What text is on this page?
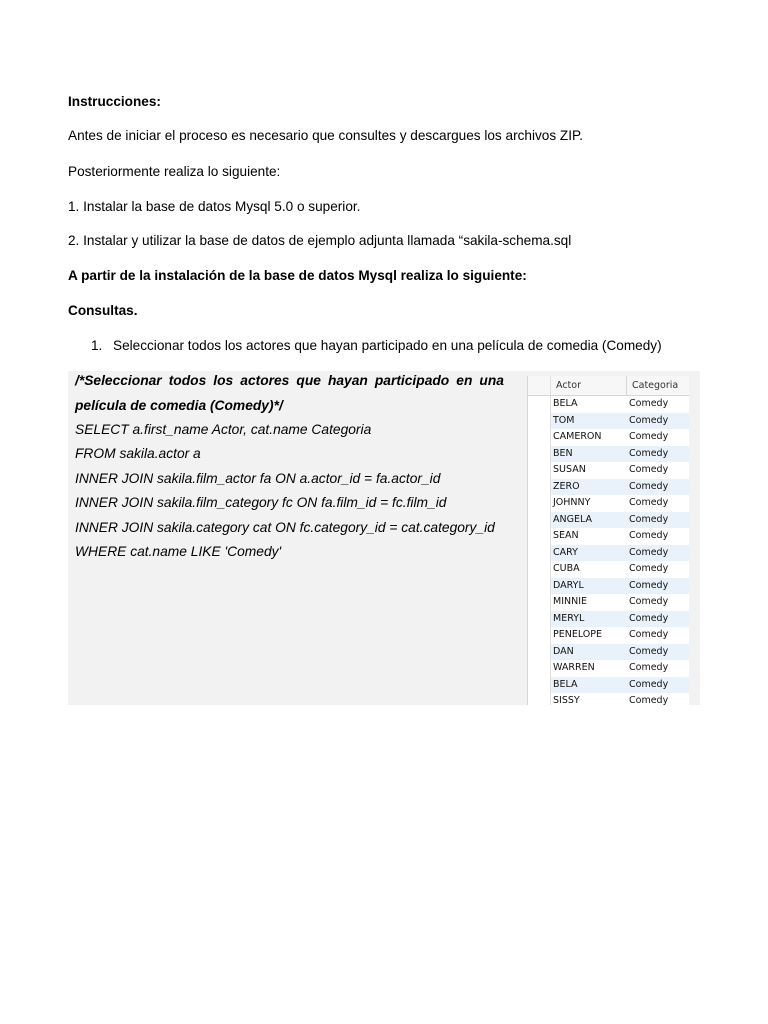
Instrucciones:
Antes de iniciar el proceso es necesario que consultes y descargues los archivos ZIP.
Posteriormente realiza lo siguiente:
1. Instalar la base de datos Mysql 5.0 o superior.
2. Instalar y utilizar la base de datos de ejemplo adjunta llamada “sakila-schema.sql
A partir de la instalación de la base de datos Mysql realiza lo siguiente:
Consultas.
1. Seleccionar todos los actores que hayan participado en una película de comedia (Comedy)
/*Seleccionar todos los actores que hayan participado en una
película de comedia (Comedy)*/
SELECT a.first_name Actor, cat.name Categoria
FROM sakila.actor a
INNER JOIN sakila.film_actor fa ON a.actor_id = fa.actor_id
INNER JOIN sakila.film_category fc ON fa.film_id = fc.film_id
INNER JOIN sakila.category cat ON fc.category_id = cat.category_id
WHERE cat.name LIKE 'Comedy'
Actor	Categoria
BELA	Comedy
TOM	Comedy
CAMERON	Comedy
BEN	Comedy
SUSAN	Comedy
ZERO	Comedy
JOHNNY	Comedy
ANGELA	Comedy
SEAN	Comedy
CARY	Comedy
CUBA	Comedy
DARYL	Comedy
MINNIE	Comedy
MERYL	Comedy
PENELOPE	Comedy
DAN	Comedy
WARREN	Comedy
BELA	Comedy
SISSY	Comedy
